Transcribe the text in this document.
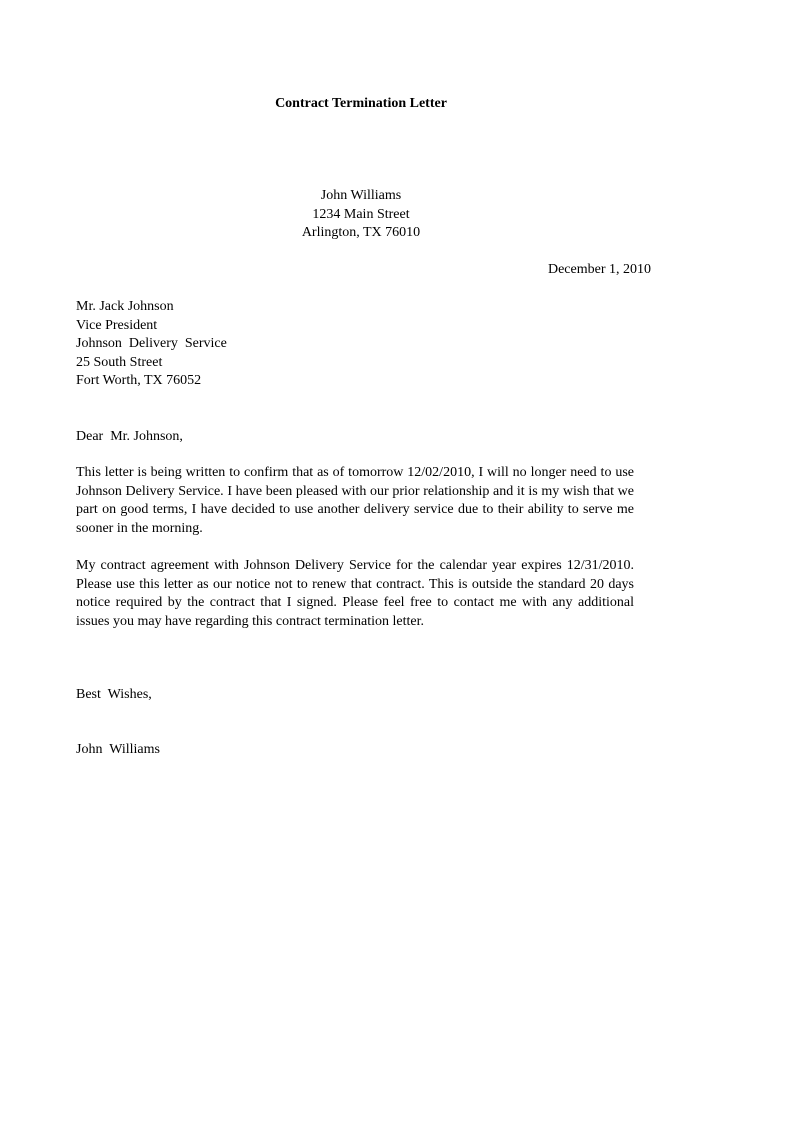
Contract Termination Letter
John Williams
1234 Main Street
Arlington, TX 76010
December 1, 2010
Mr. Jack Johnson
Vice President
Johnson  Delivery  Service
25 South Street
Fort Worth, TX 76052
Dear  Mr. Johnson,

This letter is being written to confirm that as of tomorrow 12/02/2010, I will no longer need to use Johnson Delivery Service. I have been pleased with our prior relationship and it is my wish that we part on good terms, I have decided to use another delivery service due to their ability to serve me sooner in the morning.

My contract agreement with Johnson Delivery Service for the calendar year expires 12/31/2010. Please use this letter as our notice not to renew that contract. This is outside the standard 20 days notice required by the contract that I signed. Please feel free to contact me with any additional issues you may have regarding this contract termination letter.

Best  Wishes,
John  Williams
